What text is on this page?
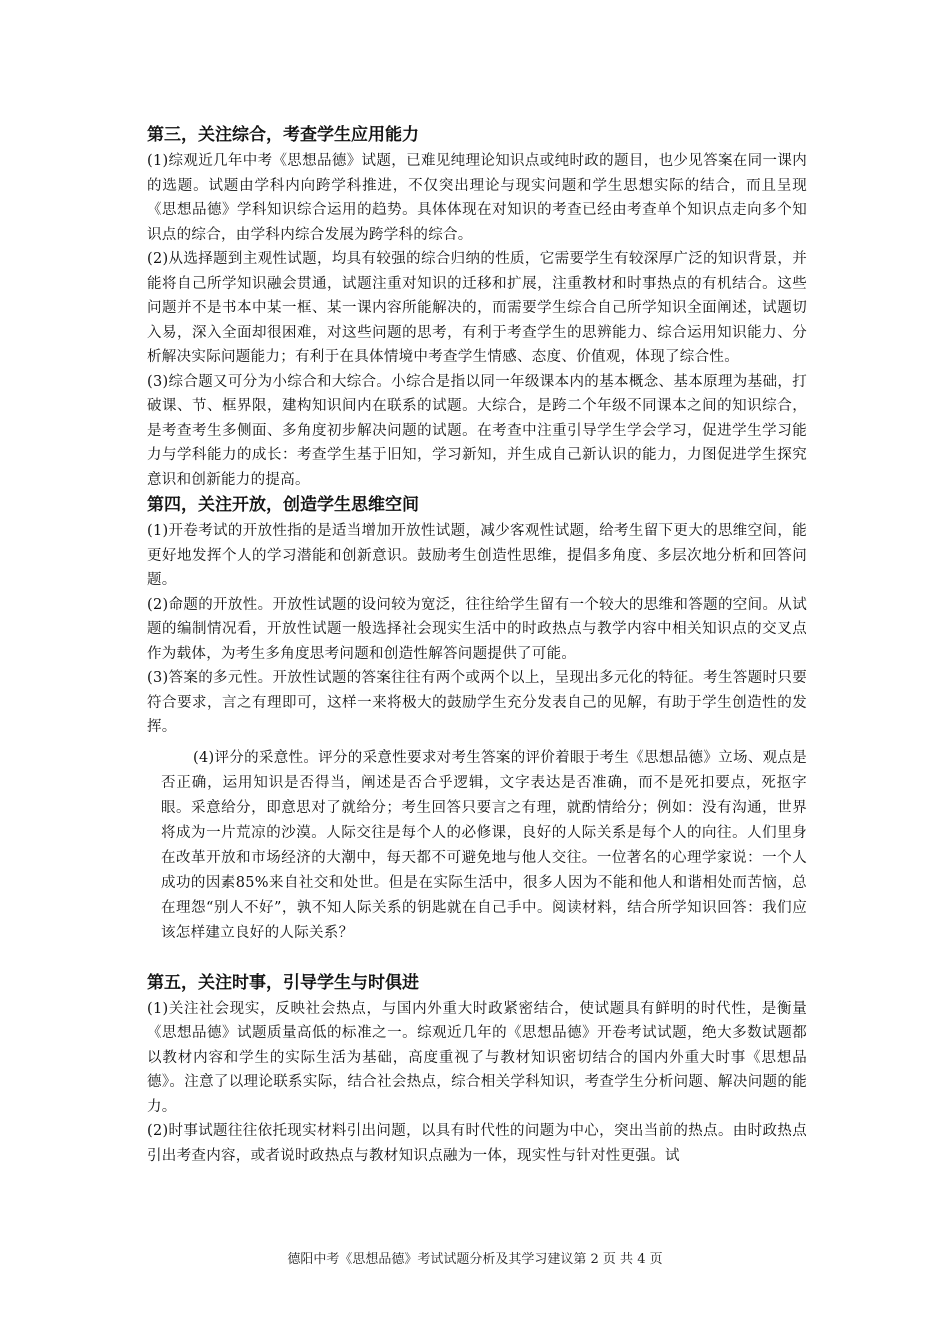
第三，关注综合，考查学生应用能力

(1)综观近几年中考《思想品德》试题，已难见纯理论知识点或纯时政的题目，也少见答案在同一课内的选题。试题由学科内向跨学科推进，不仅突出理论与现实问题和学生思想实际的结合，而且呈现《思想品德》学科知识综合运用的趋势。具体体现在对知识的考查已经由考查单个知识点走向多个知识点的综合，由学科内综合发展为跨学科的综合。

(2)从选择题到主观性试题，均具有较强的综合归纳的性质，它需要学生有较深厚广泛的知识背景，并能将自己所学知识融会贯通，试题注重对知识的迁移和扩展，注重教材和时事热点的有机结合。这些问题并不是书本中某一框、某一课内容所能解决的，而需要学生综合自己所学知识全面阐述，试题切入易，深入全面却很困难，对这些问题的思考，有利于考查学生的思辨能力、综合运用知识能力、分析解决实际问题能力；有利于在具体情境中考查学生情感、态度、价值观，体现了综合性。

(3)综合题又可分为小综合和大综合。小综合是指以同一年级课本内的基本概念、基本原理为基础，打破课、节、框界限，建构知识间内在联系的试题。大综合，是跨二个年级不同课本之间的知识综合，是考查考生多侧面、多角度初步解决问题的试题。在考查中注重引导学生学会学习，促进学生学习能力与学科能力的成长：考查学生基于旧知，学习新知，并生成自己新认识的能力，力图促进学生探究意识和创新能力的提高。

第四，关注开放，创造学生思维空间

(1)开卷考试的开放性指的是适当增加开放性试题，减少客观性试题，给考生留下更大的思维空间，能更好地发挥个人的学习潜能和创新意识。鼓励考生创造性思维，提倡多角度、多层次地分析和回答问题。

(2)命题的开放性。开放性试题的设问较为宽泛，往往给学生留有一个较大的思维和答题的空间。从试题的编制情况看，开放性试题一般选择社会现实生活中的时政热点与教学内容中相关知识点的交叉点作为载体，为考生多角度思考问题和创造性解答问题提供了可能。

(3)答案的多元性。开放性试题的答案往往有两个或两个以上，呈现出多元化的特征。考生答题时只要符合要求，言之有理即可，这样一来将极大的鼓励学生充分发表自己的见解，有助于学生创造性的发挥。

(4)评分的采意性。评分的采意性要求对考生答案的评价着眼于考生《思想品德》立场、观点是否正确，运用知识是否得当，阐述是否合乎逻辑，文字表达是否准确，而不是死扣要点，死抠字眼。采意给分，即意思对了就给分；考生回答只要言之有理，就酌情给分；例如：没有沟通，世界将成为一片荒凉的沙漠。人际交往是每个人的必修课，良好的人际关系是每个人的向往。人们里身在改革开放和市场经济的大潮中，每天都不可避免地与他人交往。一位著名的心理学家说：一个人成功的因素85%来自社交和处世。但是在实际生活中，很多人因为不能和他人和谐相处而苦恼，总在理怨“别人不好”，孰不知人际关系的钥匙就在自己手中。阅读材料，结合所学知识回答：我们应该怎样建立良好的人际关系？

第五，关注时事，引导学生与时俱进

(1)关注社会现实，反映社会热点，与国内外重大时政紧密结合，使试题具有鲜明的时代性，是衡量《思想品德》试题质量高低的标准之一。综观近几年的《思想品德》开卷考试试题，绝大多数试题都以教材内容和学生的实际生活为基础，高度重视了与教材知识密切结合的国内外重大时事《思想品德》。注意了以理论联系实际，结合社会热点，综合相关学科知识，考查学生分析问题、解决问题的能力。

(2)时事试题往往依托现实材料引出问题，以具有时代性的问题为中心，突出当前的热点。由时政热点引出考查内容，或者说时政热点与教材知识点融为一体，现实性与针对性更强。试

德阳中考《思想品德》考试试题分析及其学习建议第 2 页 共 4 页
